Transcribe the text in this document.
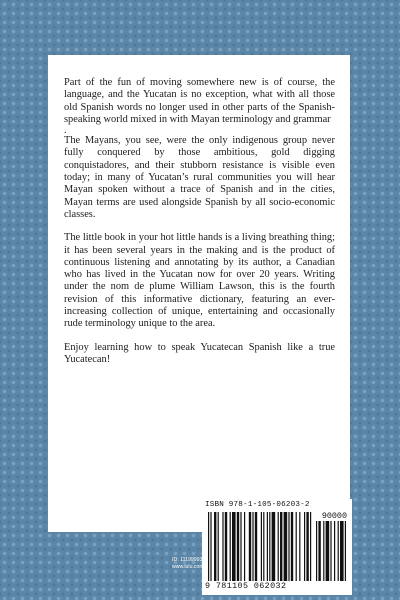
Part of the fun of moving somewhere new is of course, the language, and the Yucatan is no exception, what with all those old Spanish words no longer used in other parts of the Spanish-speaking world mixed in with Mayan terminology and grammar

.

The Mayans, you see, were the only indigenous group never fully conquered by those ambitious, gold digging conquistadores, and their stubborn resistance is visible even today; in many of Yucatan’s rural communities you will hear Mayan spoken without a trace of Spanish and in the cities, Mayan terms are used alongside Spanish by all socio-economic classes.

The little book in your hot little hands is a living breathing thing; it has been several years in the making and is the product of continuous listening and annotating by its author, a Canadian who has lived in the Yucatan now for over 20 years. Writing under the nom de plume William Lawson, this is the fourth revision of this informative dictionary, featuring an ever-increasing collection of unique, entertaining and occasionally rude terminology unique to the area.

Enjoy learning how to speak Yucatecan Spanish like a true Yucatecan!

ISBN 978-1-105-06203-2
90000
9 781105 062032
ID: 11199993
www.lulu.com
